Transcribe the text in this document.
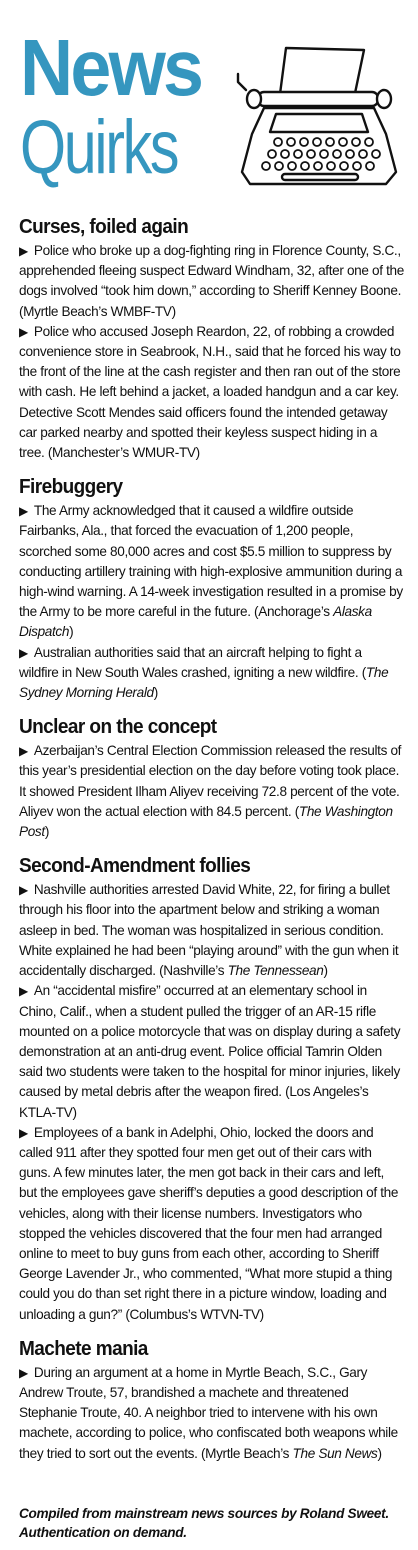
News
Quirks
Curses, foiled again

▶ Police who broke up a dog-fighting ring in Florence County, S.C., apprehended fleeing suspect Edward Windham, 32, after one of the dogs involved “took him down,” according to Sheriff Kenney Boone. (Myrtle Beach’s WMBF-TV)

▶ Police who accused Joseph Reardon, 22, of robbing a crowded convenience store in Seabrook, N.H., said that he forced his way to the front of the line at the cash register and then ran out of the store with cash. He left behind a jacket, a loaded handgun and a car key. Detective Scott Mendes said officers found the intended getaway car parked nearby and spotted their keyless suspect hiding in a tree. (Manchester’s WMUR-TV)

Firebuggery

▶ The Army acknowledged that it caused a wildfire outside Fairbanks, Ala., that forced the evacuation of 1,200 people, scorched some 80,000 acres and cost $5.5 million to suppress by conducting artillery training with high-explosive ammunition during a high-wind warning. A 14-week investigation resulted in a promise by the Army to be more careful in the future. (Anchorage’s Alaska Dispatch)

▶ Australian authorities said that an aircraft helping to fight a wildfire in New South Wales crashed, igniting a new wildfire. (The Sydney Morning Herald)

Unclear on the concept

▶ Azerbaijan’s Central Election Commission released the results of this year’s presidential election on the day before voting took place. It showed President Ilham Aliyev receiving 72.8 percent of the vote. Aliyev won the actual election with 84.5 percent. (The Washington Post)

Second-Amendment follies

▶ Nashville authorities arrested David White, 22, for firing a bullet through his floor into the apartment below and striking a woman asleep in bed. The woman was hospitalized in serious condition. White explained he had been “playing around” with the gun when it accidentally discharged. (Nashville’s The Tennessean)

▶ An “accidental misfire” occurred at an elementary school in Chino, Calif., when a student pulled the trigger of an AR-15 rifle mounted on a police motorcycle that was on display during a safety demonstration at an anti-drug event. Police official Tamrin Olden said two students were taken to the hospital for minor injuries, likely caused by metal debris after the weapon fired. (Los Angeles’s KTLA-TV)

▶ Employees of a bank in Adelphi, Ohio, locked the doors and called 911 after they spotted four men get out of their cars with guns. A few minutes later, the men got back in their cars and left, but the employees gave sheriff’s deputies a good description of the vehicles, along with their license numbers. Investigators who stopped the vehicles discovered that the four men had arranged online to meet to buy guns from each other, according to Sheriff George Lavender Jr., who commented, “What more stupid a thing could you do than set right there in a picture window, loading and unloading a gun?” (Columbus’s WTVN-TV)

Machete mania

▶ During an argument at a home in Myrtle Beach, S.C., Gary Andrew Troute, 57, brandished a machete and threatened Stephanie Troute, 40. A neighbor tried to intervene with his own machete, according to police, who confiscated both weapons while they tried to sort out the events. (Myrtle Beach’s The Sun News)

Compiled from mainstream news sources by Roland Sweet. Authentication on demand.
